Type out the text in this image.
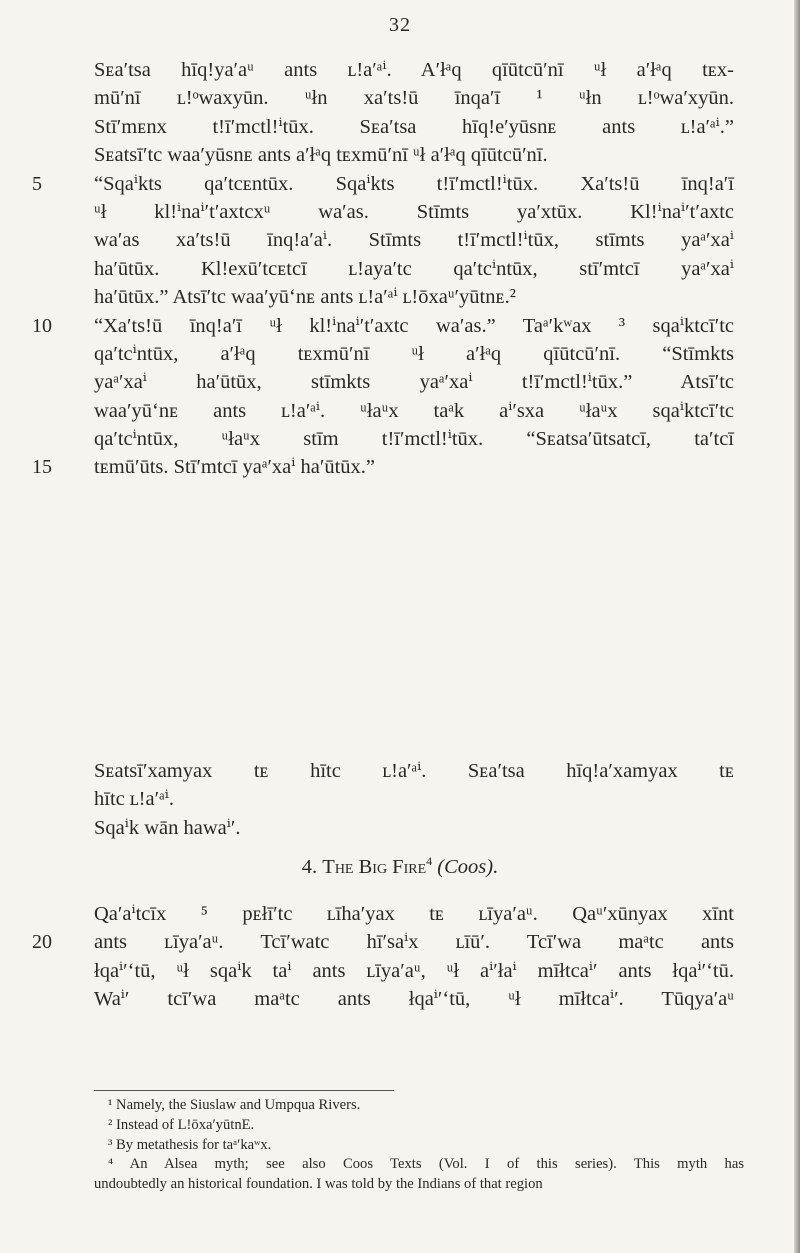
32
Sᴇa′tsa hīq!ya′aᵘ ants ʟ!a′ᵃⁱ. A′łᵃq qīūtcū′nī ᵘł a′łᵃq tᴇx-
mū′nī ʟ!ᵒwaxyūn. ᵘłn xa′ts!ū īnqa′ī ¹ ᵘłn ʟ!ᵒwa′xyūn.
Stī′mᴇnx t!ī′mctl!ⁱtūx. Sᴇa′tsa hīq!e′yūsnᴇ ants ʟ!a′ᵃⁱ.”
Sᴇatsī′tc waa′yūsnᴇ ants a′łᵃq tᴇxmū′nī ᵘł a′łᵃq qīūtcū′nī.
5	“Sqaⁱkts qa′tcᴇntūx. Sqaⁱkts t!ī′mctl!ⁱtūx. Xa′ts!ū īnq!a′ī
ᵘł kl!ⁱnaⁱ′t′axtcxᵘ wa′as. Stīmts ya′xtūx. Kl!ⁱnaⁱ′t′axtc
wa′as xa′ts!ū īnq!a′aⁱ. Stīmts t!ī′mctl!ⁱtūx, stīmts yaᵃ′xaⁱ
ha′ūtūx. Kl!exū′tcᴇtcī ʟ!aya′tc qa′tcⁱntūx, stī′mtcī yaᵃ′xaⁱ
ha′ūtūx.” Atsī′tc waa′yū‘nᴇ ants ʟ!a′ᵃⁱ ʟ!ōxaᵘ′yūtnᴇ.²
10	“Xa′ts!ū īnq!a′ī ᵘł kl!ⁱnaⁱ′t′axtc wa′as.” Taᵃ′kʷax ³ sqaⁱktcī′tc
qa′tcⁱntūx, a′łᵃq tᴇxmū′nī ᵘł a′łᵃq qīūtcū′nī. “Stīmkts
yaᵃ′xaⁱ ha′ūtūx, stīmkts yaᵃ′xaⁱ t!ī′mctl!ⁱtūx.” Atsī′tc
waa′yū‘nᴇ ants ʟ!a′ᵃⁱ. ᵘłaᵘx taᵃk aⁱ′sxa ᵘłaᵘx sqaⁱktcī′tc
qa′tcⁱntūx, ᵘłaᵘx stīm t!ī′mctl!ⁱtūx. “Sᴇatsa′ūtsatcī, ta′tcī
15	tᴇmū′ūts. Stī′mtcī yaᵃ′xaⁱ ha′ūtūx.”
Sᴇatsī′xamyax tᴇ hītc ʟ!a′ᵃⁱ. Sᴇa′tsa hīq!a′xamyax tᴇ
hītc ʟ!a′ᵃⁱ.
Sqaⁱk wān hawaⁱ′.
4. The Big Fire$^4$ (Coos).
Qa′aⁱtcīx ⁵ pᴇłī′tc ʟīha′yax tᴇ ʟīya′aᵘ. Qaᵘ′xūnyax xīnt
20	ants ʟīya′aᵘ. Tcī′watc hī′saⁱx ʟīū′. Tcī′wa maᵃtc ants
łqaⁱ′‘tū, ᵘł sqaⁱk taⁱ ants ʟīya′aᵘ, ᵘł aⁱ′łaⁱ mīłtcaⁱ′ ants łqaⁱ′‘tū.
Waⁱ′ tcī′wa maᵃtc ants łqaⁱ′‘tū, ᵘł mīłtcaⁱ′. Tūqya′aᵘ
¹ Namely, the Siuslaw and Umpqua Rivers.
² Instead of L!ōxa′yūtnE.
³ By metathesis for taᵃ′kaʷx.
⁴ An Alsea myth; see also Coos Texts (Vol. I of this series). This myth has
undoubtedly an historical foundation. I was told by the Indians of that region
